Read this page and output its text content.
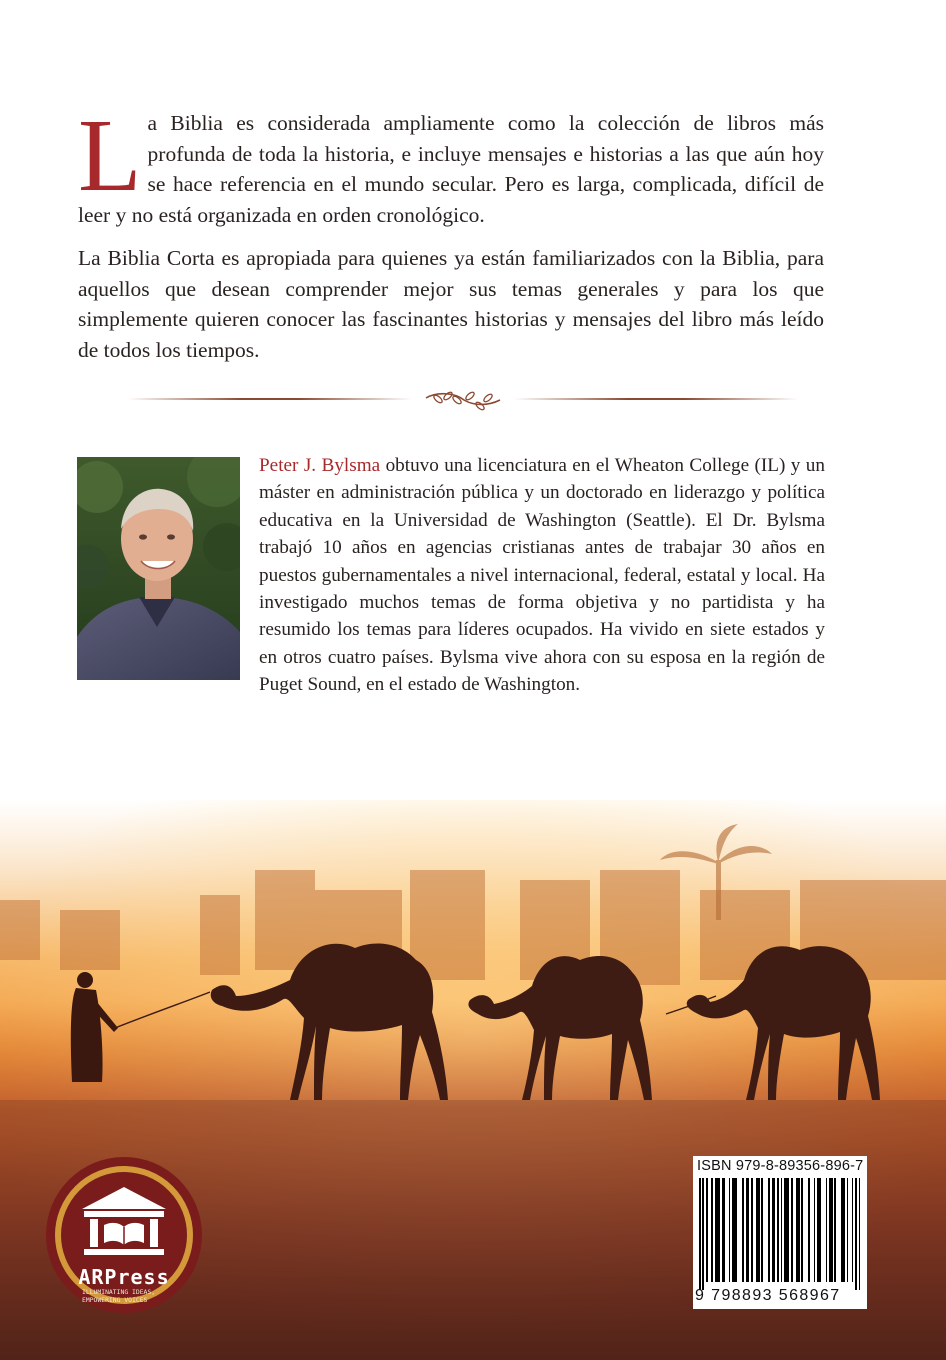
La Biblia es considerada ampliamente como la colección de libros más profunda de toda la historia, e incluye mensajes e historias a las que aún hoy se hace referencia en el mundo secular. Pero es larga, complicada, difícil de leer y no está organizada en orden cronológico.

La Biblia Corta es apropiada para quienes ya están familiarizados con la Biblia, para aquellos que desean comprender mejor sus temas generales y para los que simplemente quieren conocer las fascinantes historias y mensajes del libro más leído de todos los tiempos.

Peter J. Bylsma obtuvo una licenciatura en el Wheaton College (IL) y un máster en administración pública y un doctorado en liderazgo y política educativa en la Universidad de Washington (Seattle). El Dr. Bylsma trabajó 10 años en agencias cristianas antes de trabajar 30 años en puestos gubernamentales a nivel internacional, federal, estatal y local. Ha investigado muchos temas de forma objetiva y no partidista y ha resumido los temas para líderes ocupados. Ha vivido en siete estados y en otros cuatro países. Bylsma vive ahora con su esposa en la región de Puget Sound, en el estado de Washington.
ARPress
ILLUMINATING IDEAS,
EMPOWERING VOICES
ISBN 979-8-89356-896-7
9 798893 568967
